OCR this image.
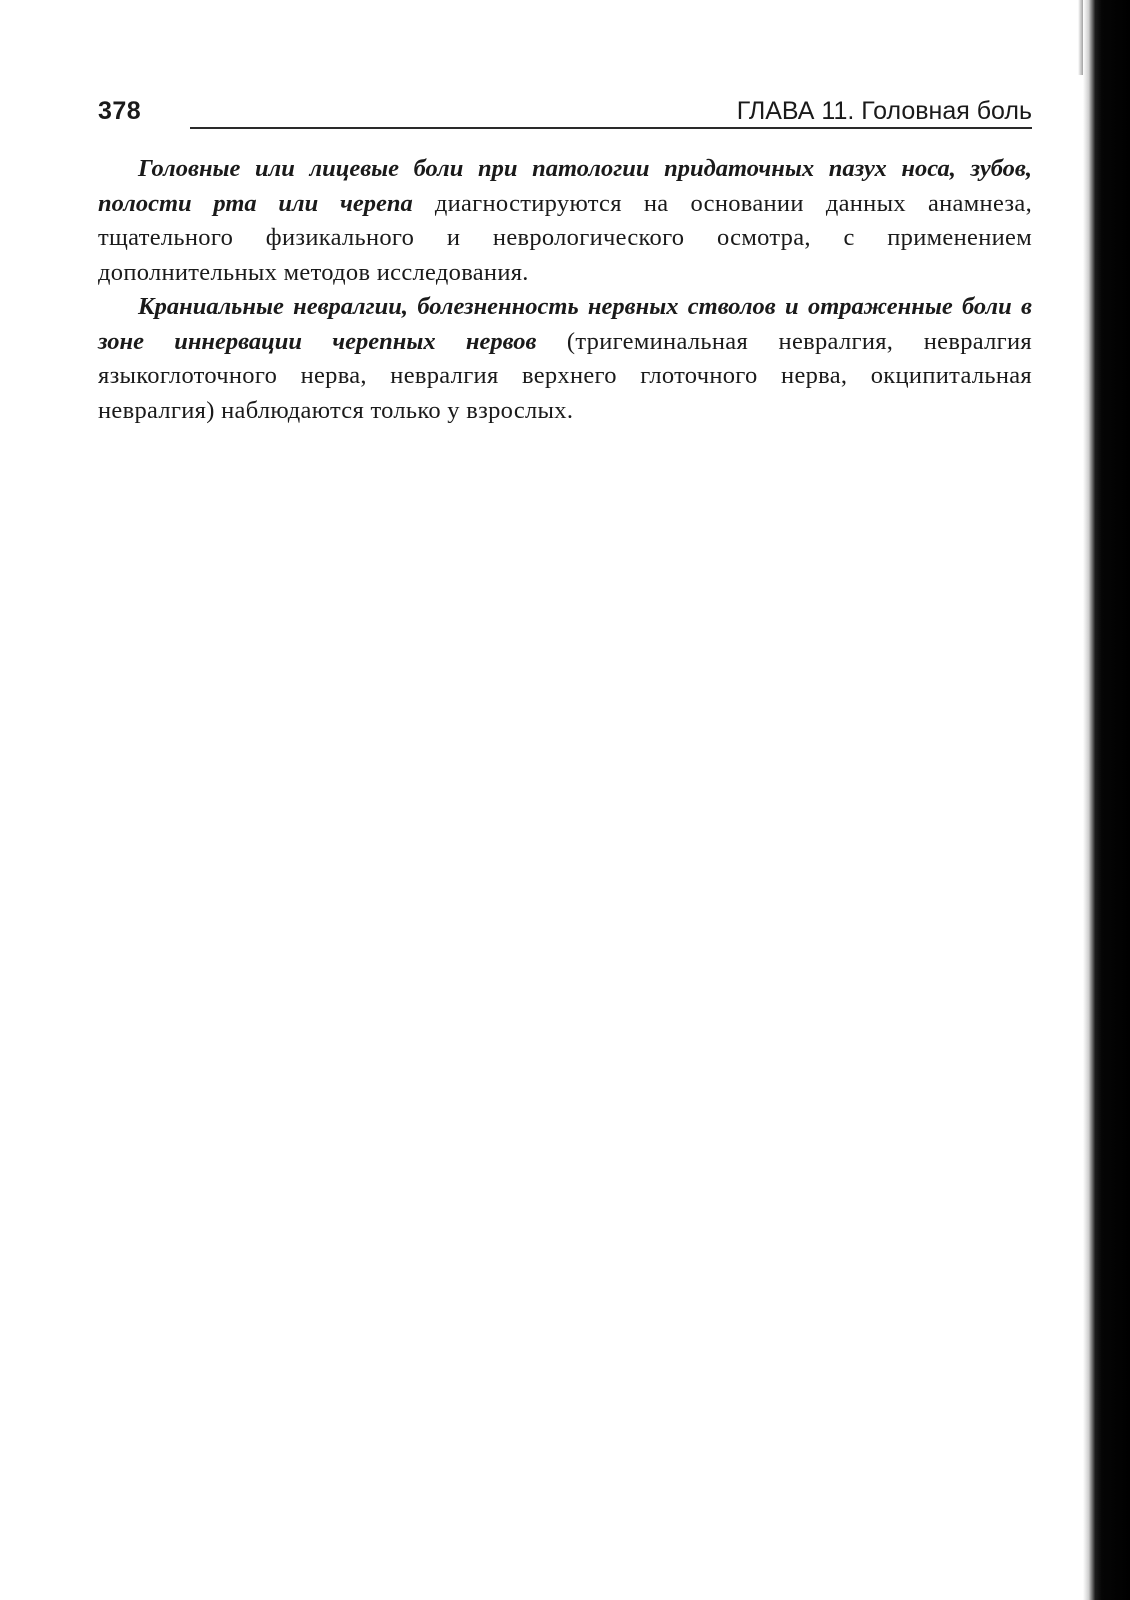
378	ГЛАВА 11. Головная боль

Головные или лицевые боли при патологии придаточных пазух носа, зубов, полости рта или черепа диагностируются на основании данных анамнеза, тщательного физикального и неврологического осмотра, с применением дополнительных методов исследования.

Краниальные невралгии, болезненность нервных стволов и отраженные боли в зоне иннервации черепных нервов (тригеминальная невралгия, невралгия языкоглоточного нерва, невралгия верхнего глоточного нерва, окципитальная невралгия) наблюдаются только у взрослых.
